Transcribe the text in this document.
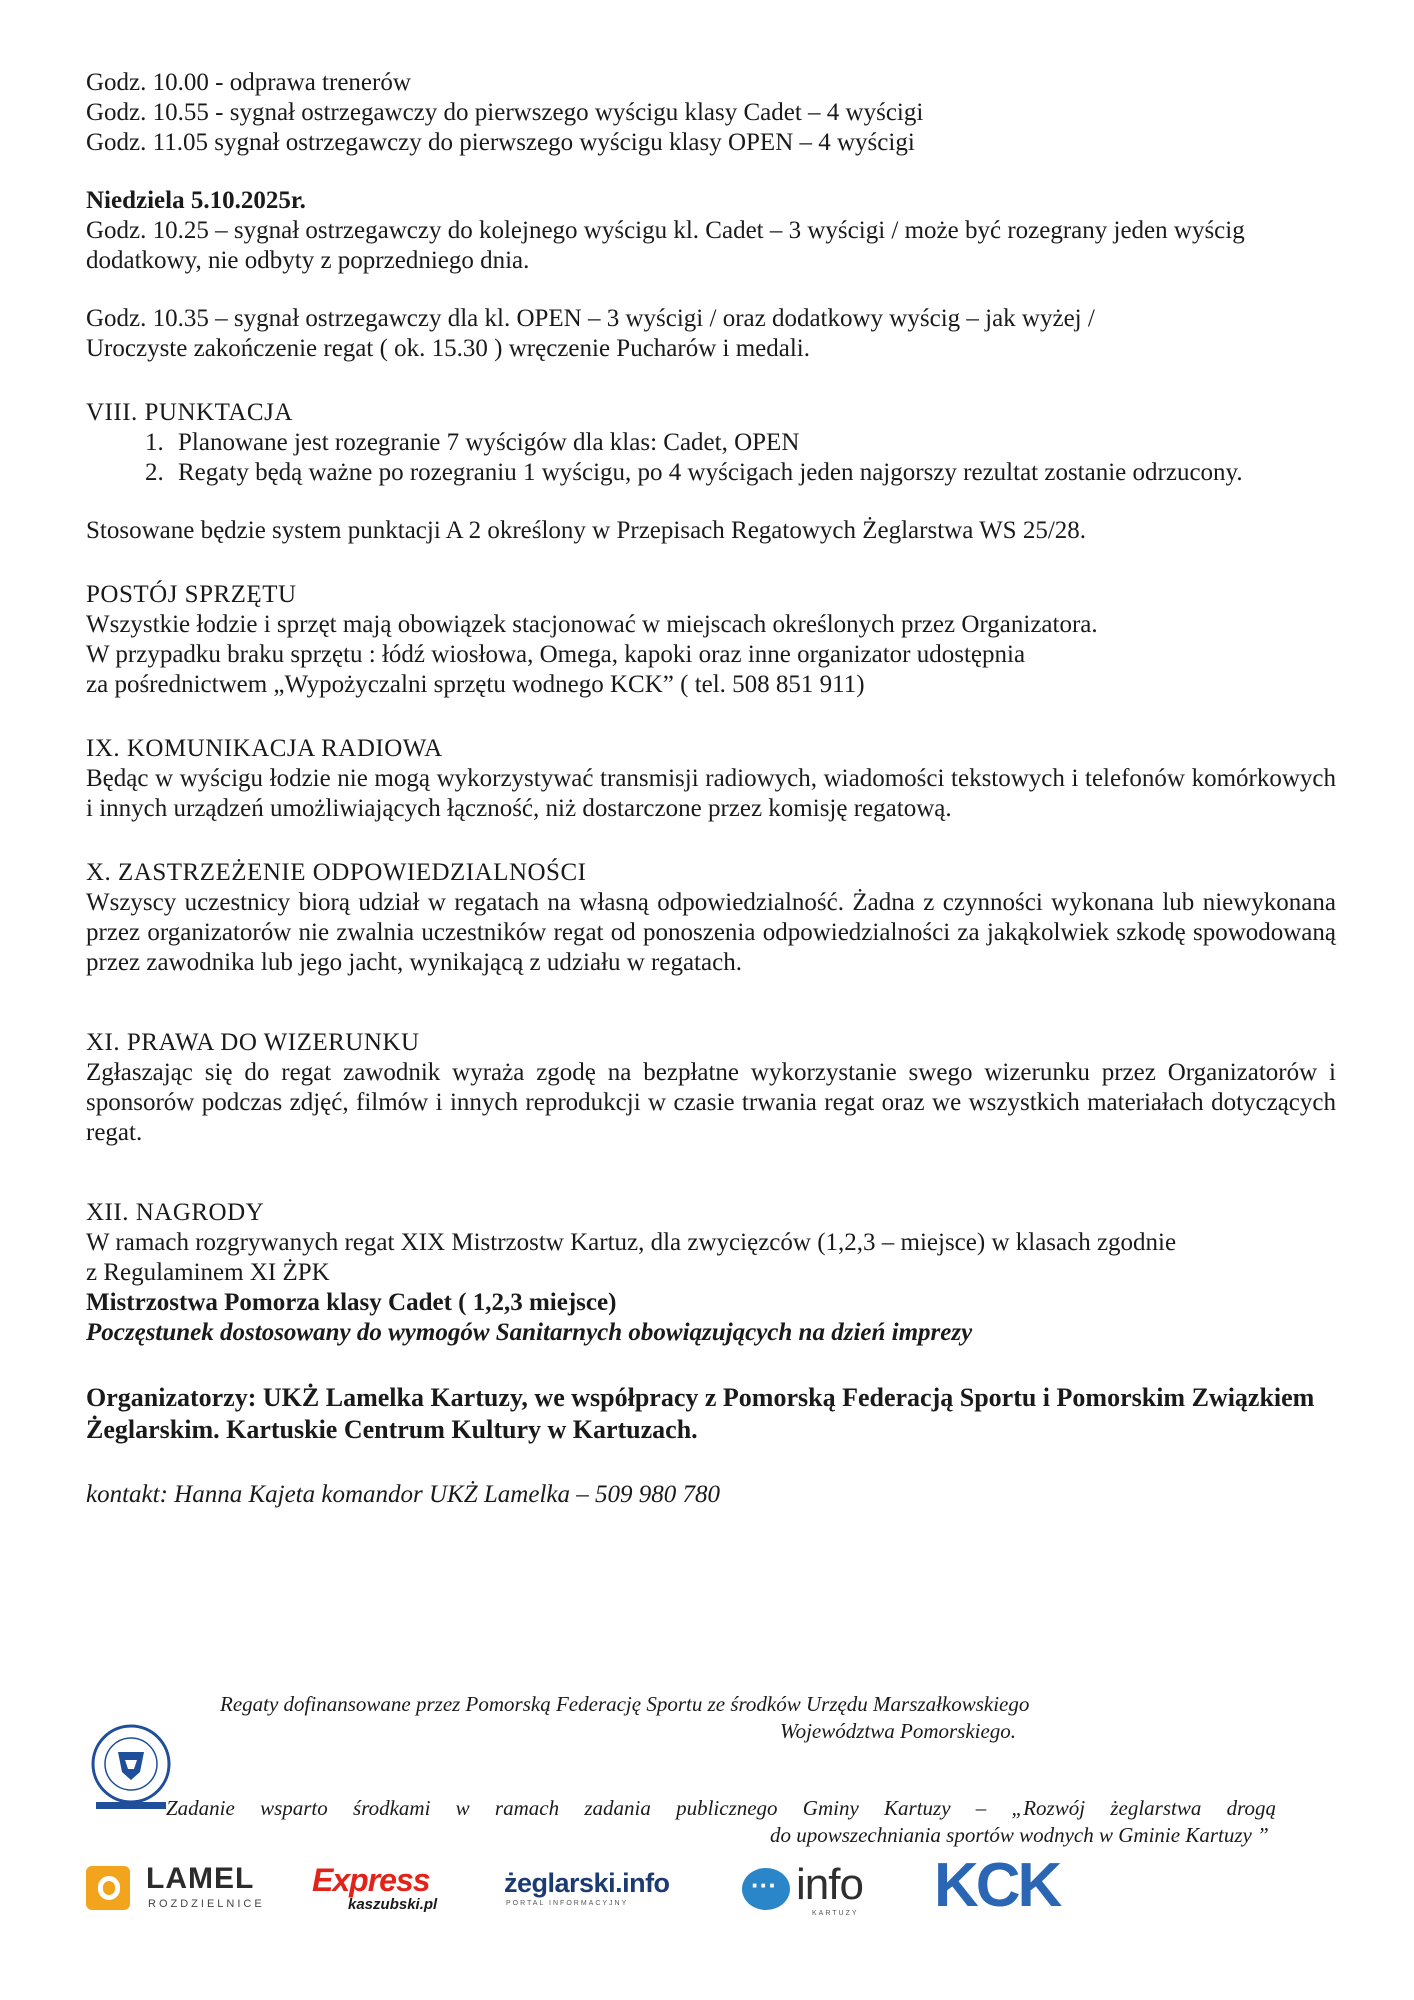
Godz. 10.00 - odprawa trenerów
Godz. 10.55 - sygnał ostrzegawczy do pierwszego wyścigu klasy Cadet – 4 wyścigi
Godz. 11.05 sygnał ostrzegawczy do pierwszego wyścigu klasy OPEN – 4 wyścigi
Niedziela 5.10.2025r.
Godz. 10.25 – sygnał ostrzegawczy do kolejnego wyścigu kl. Cadet – 3 wyścigi / może być rozegrany jeden wyścig dodatkowy, nie odbyty z poprzedniego dnia.
Godz. 10.35 – sygnał ostrzegawczy dla kl. OPEN – 3 wyścigi / oraz dodatkowy wyścig – jak wyżej /
Uroczyste zakończenie regat ( ok. 15.30 ) wręczenie Pucharów i medali.
VIII. PUNKTACJA
1. Planowane jest rozegranie 7 wyścigów dla klas: Cadet, OPEN
2. Regaty będą ważne po rozegraniu 1 wyścigu, po 4 wyścigach jeden najgorszy rezultat zostanie odrzucony.
Stosowane będzie system punktacji A 2 określony w Przepisach Regatowych Żeglarstwa WS 25/28.
POSTÓJ SPRZĘTU
Wszystkie łodzie i sprzęt mają obowiązek stacjonować w miejscach określonych przez Organizatora.
W przypadku braku sprzętu : łódź wiosłowa, Omega, kapoki oraz inne organizator udostępnia
za pośrednictwem „Wypożyczalni sprzętu wodnego KCK” ( tel. 508 851 911)
IX. KOMUNIKACJA RADIOWA
Będąc w wyścigu łodzie nie mogą wykorzystywać transmisji radiowych, wiadomości tekstowych i telefonów komórkowych i innych urządzeń umożliwiających łączność, niż dostarczone przez komisję regatową.
X. ZASTRZEŻENIE ODPOWIEDZIALNOŚCI
Wszyscy uczestnicy biorą udział w regatach na własną odpowiedzialność. Żadna z czynności wykonana lub niewykonana przez organizatorów nie zwalnia uczestników regat od ponoszenia odpowiedzialności za jakąkolwiek szkodę spowodowaną przez zawodnika lub jego jacht, wynikającą z udziału w regatach.
XI. PRAWA DO WIZERUNKU
Zgłaszając się do regat zawodnik wyraża zgodę na bezpłatne wykorzystanie swego wizerunku przez Organizatorów i sponsorów podczas zdjęć, filmów i innych reprodukcji w czasie trwania regat oraz we wszystkich materiałach dotyczących regat.
XII. NAGRODY
W ramach rozgrywanych regat XIX Mistrzostw Kartuz, dla zwycięzców (1,2,3 – miejsce) w klasach zgodnie
z Regulaminem XI ŻPK
Mistrzostwa Pomorza klasy Cadet ( 1,2,3 miejsce)
Poczęstunek dostosowany do wymogów Sanitarnych obowiązujących na dzień imprezy
Organizatorzy: UKŻ Lamelka Kartuzy, we współpracy z Pomorską Federacją Sportu i Pomorskim Związkiem Żeglarskim. Kartuskie Centrum Kultury w Kartuzach.
kontakt: Hanna Kajeta komandor UKŻ Lamelka – 509 980 780
Regaty dofinansowane przez Pomorską Federację Sportu ze środków Urzędu Marszałkowskiego
Województwa Pomorskiego.
Zadanie wsparto środkami w ramach zadania publicznego Gminy Kartuzy – „Rozwój żeglarstwa drogą
do upowszechniania sportów wodnych w Gminie Kartuzy ”
LAMEL
ROZDZIELNICE
Express
kaszubski.pl
żeglarski.info
PORTAL INFORMACYJNY
···	info
KARTUZY KCK
